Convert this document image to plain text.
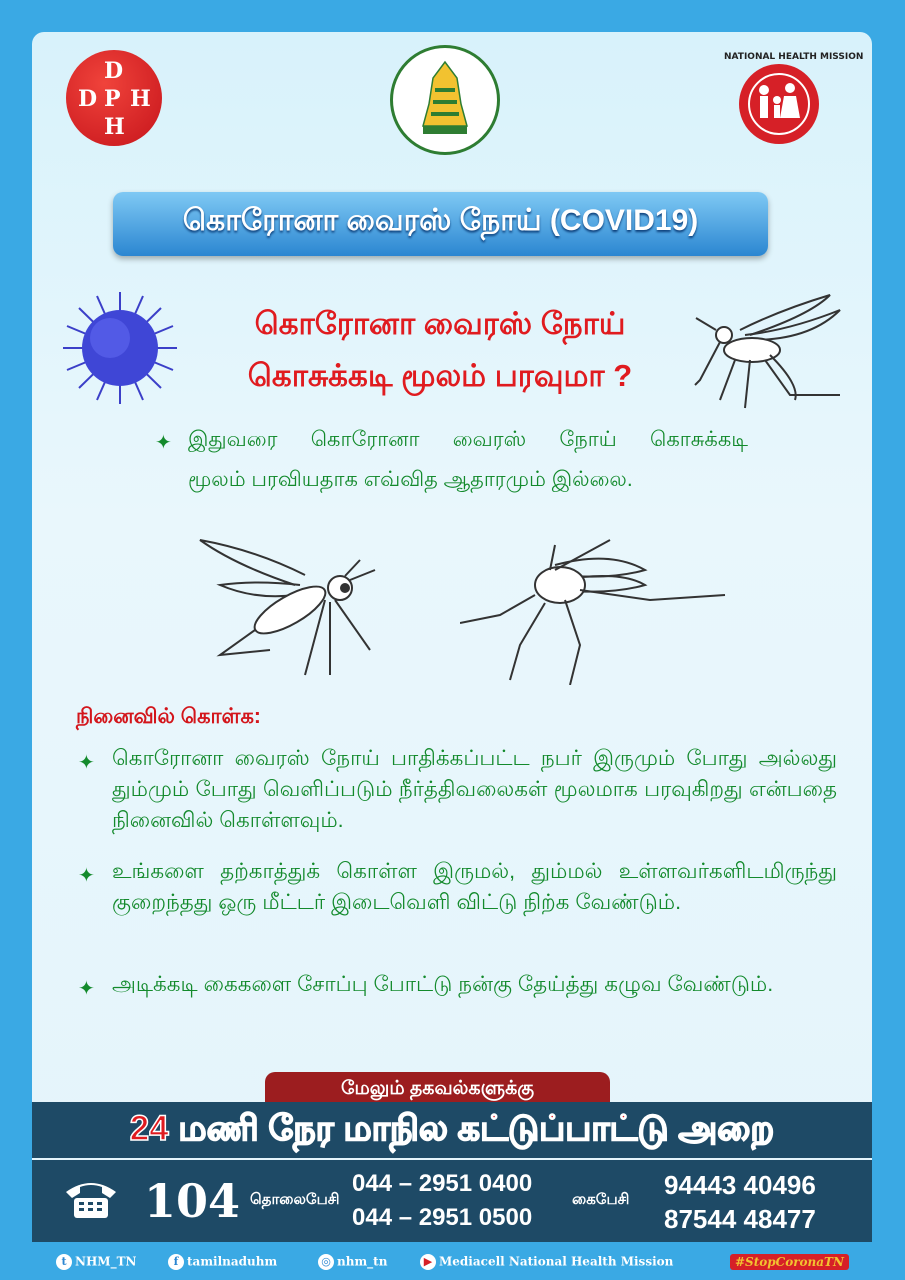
D
D P H
H
NATIONAL HEALTH MISSION
கொரோனா வைரஸ் நோய் (COVID19)
கொரோனா வைரஸ் நோய்
கொசுக்கடி மூலம் பரவுமா ?
✦ இதுவரை கொரோனா வைரஸ் நோய் கொசுக்கடி
மூலம் பரவியதாக எவ்வித ஆதாரமும் இல்லை.
நினைவில் கொள்க:
✦ கொரோனா வைரஸ் நோய் பாதிக்கப்பட்ட நபர் இருமும் போது அல்லது தும்மும் போது வெளிப்படும் நீர்த்திவலைகள் மூலமாக பரவுகிறது என்பதை நினைவில் கொள்ளவும்.
✦ உங்களை தற்காத்துக் கொள்ள இருமல், தும்மல் உள்ளவர்களிடமிருந்து குறைந்தது ஒரு மீட்டர் இடைவெளி விட்டு நிற்க வேண்டும்.
✦ அடிக்கடி கைகளை சோப்பு போட்டு நன்கு தேய்த்து கழுவ வேண்டும்.
மேலும் தகவல்களுக்கு
24 மணி நேர மாநில கட்டுப்பாட்டு அறை
104 தொலைபேசி
044 – 2951 0400
044 – 2951 0500
கைபேசி 94443 40496
87544 48477
t NHM_TN	f tamilnaduhm	◎ nhm_tn	▶ Mediacell National Health Mission	#StopCoronaTN
